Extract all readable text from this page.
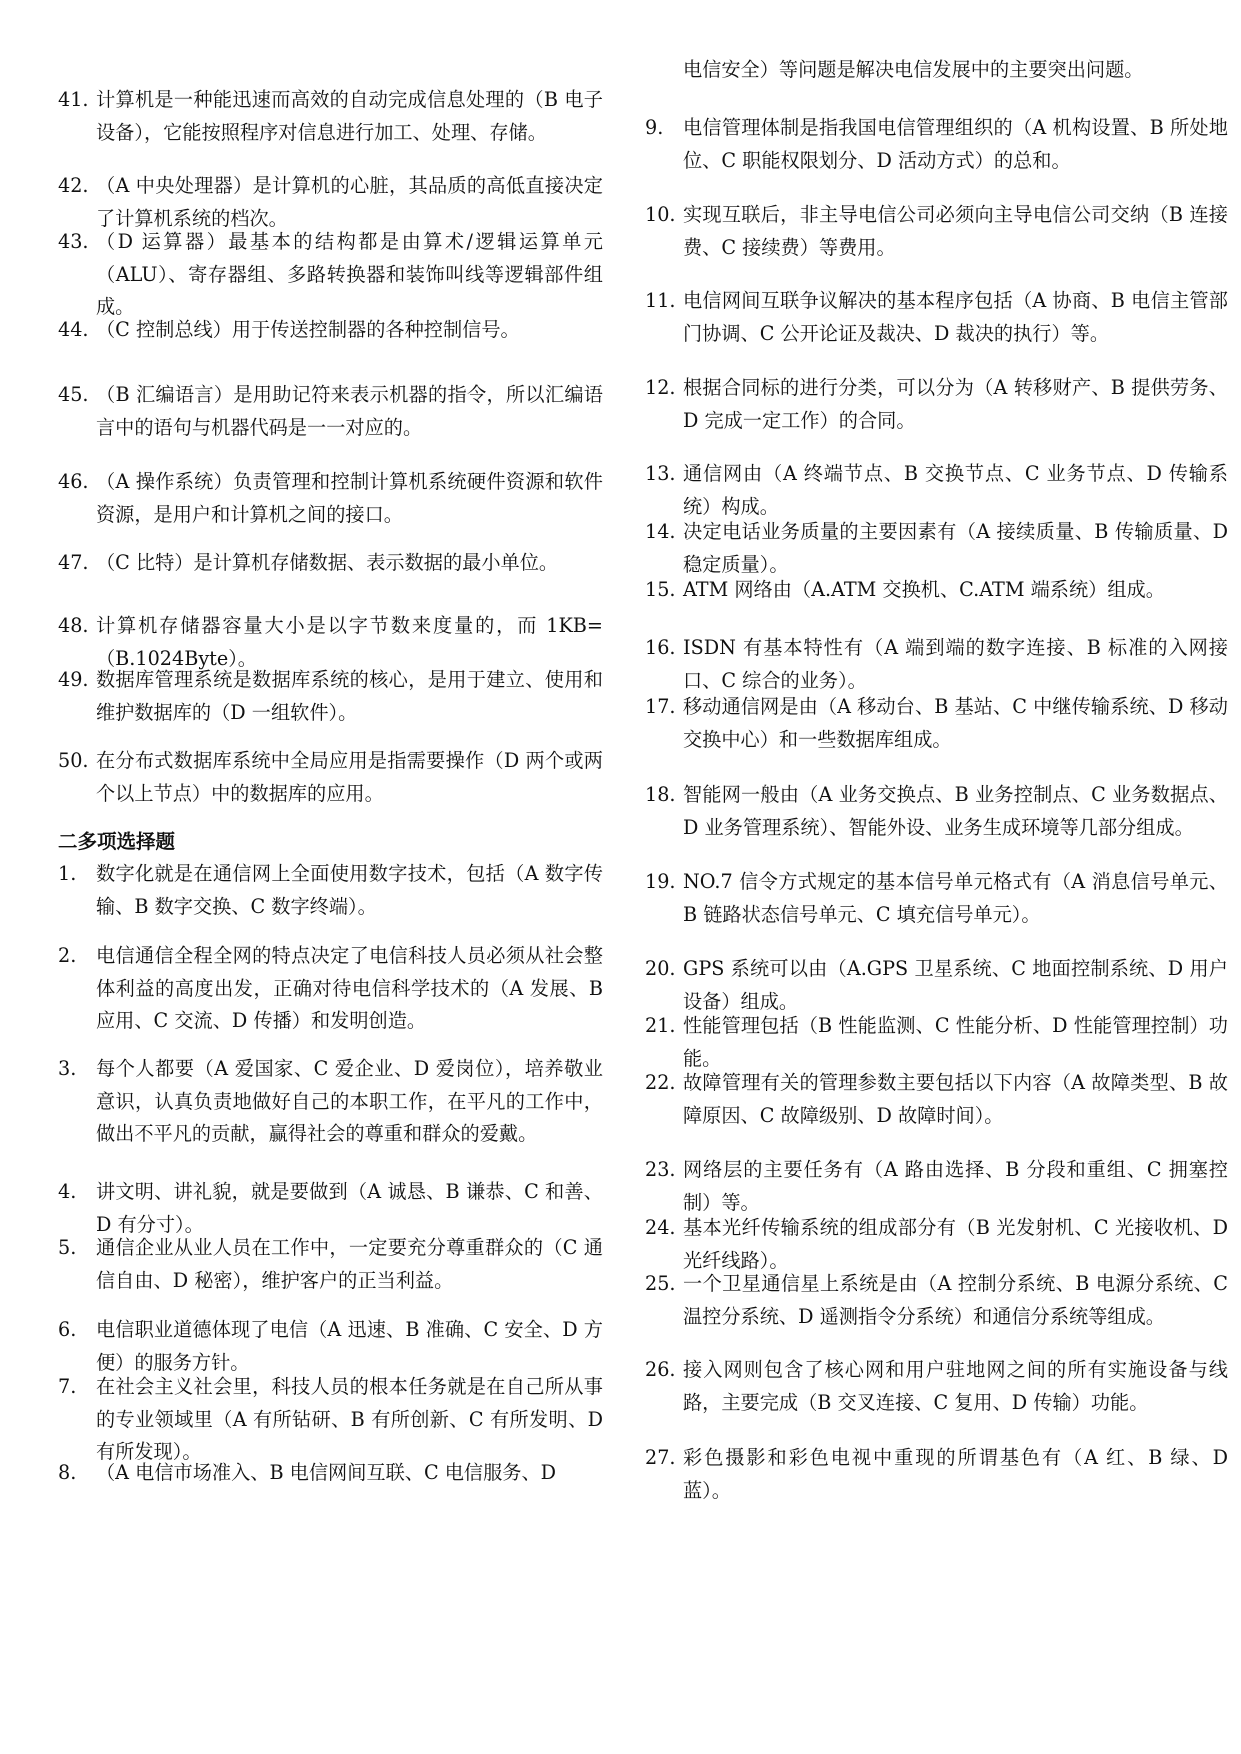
41. 计算机是一种能迅速而高效的自动完成信息处理的（B 电子设备），它能按照程序对信息进行加工、处理、存储。

42. （A 中央处理器）是计算机的心脏，其品质的高低直接决定了计算机系统的档次。

43. （D 运算器）最基本的结构都是由算术/逻辑运算单元（ALU）、寄存器组、多路转换器和装饰叫线等逻辑部件组成。

44. （C 控制总线）用于传送控制器的各种控制信号。

45. （B 汇编语言）是用助记符来表示机器的指令，所以汇编语言中的语句与机器代码是一一对应的。

46. （A 操作系统）负责管理和控制计算机系统硬件资源和软件资源，是用户和计算机之间的接口。

47. （C 比特）是计算机存储数据、表示数据的最小单位。

48. 计算机存储器容量大小是以字节数来度量的，而 1KB=（B.1024Byte）。

49. 数据库管理系统是数据库系统的核心，是用于建立、使用和维护数据库的（D 一组软件）。

50. 在分布式数据库系统中全局应用是指需要操作（D 两个或两个以上节点）中的数据库的应用。

二多项选择题
1. 数字化就是在通信网上全面使用数字技术，包括（A 数字传输、B 数字交换、C 数字终端）。

2. 电信通信全程全网的特点决定了电信科技人员必须从社会整体利益的高度出发，正确对待电信科学技术的（A 发展、B 应用、C 交流、D 传播）和发明创造。

3. 每个人都要（A 爱国家、C 爱企业、D 爱岗位），培养敬业意识，认真负责地做好自己的本职工作，在平凡的工作中，做出不平凡的贡献，赢得社会的尊重和群众的爱戴。

4. 讲文明、讲礼貌，就是要做到（A 诚恳、B 谦恭、C 和善、D 有分寸）。

5. 通信企业从业人员在工作中，一定要充分尊重群众的（C 通信自由、D 秘密），维护客户的正当利益。

6. 电信职业道德体现了电信（A 迅速、B 准确、C 安全、D 方便）的服务方针。

7. 在社会主义社会里，科技人员的根本任务就是在自己所从事的专业领域里（A 有所钻研、B 有所创新、C 有所发明、D 有所发现）。

8. （A 电信市场准入、B 电信网间互联、C 电信服务、D

电信安全）等问题是解决电信发展中的主要突出问题。

9. 电信管理体制是指我国电信管理组织的（A 机构设置、B 所处地位、C 职能权限划分、D 活动方式）的总和。

10. 实现互联后，非主导电信公司必须向主导电信公司交纳（B 连接费、C 接续费）等费用。

11. 电信网间互联争议解决的基本程序包括（A 协商、B 电信主管部门协调、C 公开论证及裁决、D 裁决的执行）等。

12. 根据合同标的进行分类，可以分为（A 转移财产、B 提供劳务、D 完成一定工作）的合同。

13. 通信网由（A 终端节点、B 交换节点、C 业务节点、D 传输系统）构成。

14. 决定电话业务质量的主要因素有（A 接续质量、B 传输质量、D 稳定质量）。

15. ATM 网络由（A.ATM 交换机、C.ATM 端系统）组成。

16. ISDN 有基本特性有（A 端到端的数字连接、B 标准的入网接口、C 综合的业务）。

17. 移动通信网是由（A 移动台、B 基站、C 中继传输系统、D 移动交换中心）和一些数据库组成。

18. 智能网一般由（A 业务交换点、B 业务控制点、C 业务数据点、D 业务管理系统）、智能外设、业务生成环境等几部分组成。

19. NO.7 信令方式规定的基本信号单元格式有（A 消息信号单元、B 链路状态信号单元、C 填充信号单元）。

20. GPS 系统可以由（A.GPS 卫星系统、C 地面控制系统、D 用户设备）组成。

21. 性能管理包括（B 性能监测、C 性能分析、D 性能管理控制）功能。

22. 故障管理有关的管理参数主要包括以下内容（A 故障类型、B 故障原因、C 故障级别、D 故障时间）。

23. 网络层的主要任务有（A 路由选择、B 分段和重组、C 拥塞控制）等。

24. 基本光纤传输系统的组成部分有（B 光发射机、C 光接收机、D 光纤线路）。

25. 一个卫星通信星上系统是由（A 控制分系统、B 电源分系统、C 温控分系统、D 遥测指令分系统）和通信分系统等组成。

26. 接入网则包含了核心网和用户驻地网之间的所有实施设备与线路，主要完成（B 交叉连接、C 复用、D 传输）功能。

27. 彩色摄影和彩色电视中重现的所谓基色有（A 红、B 绿、D 蓝）。
